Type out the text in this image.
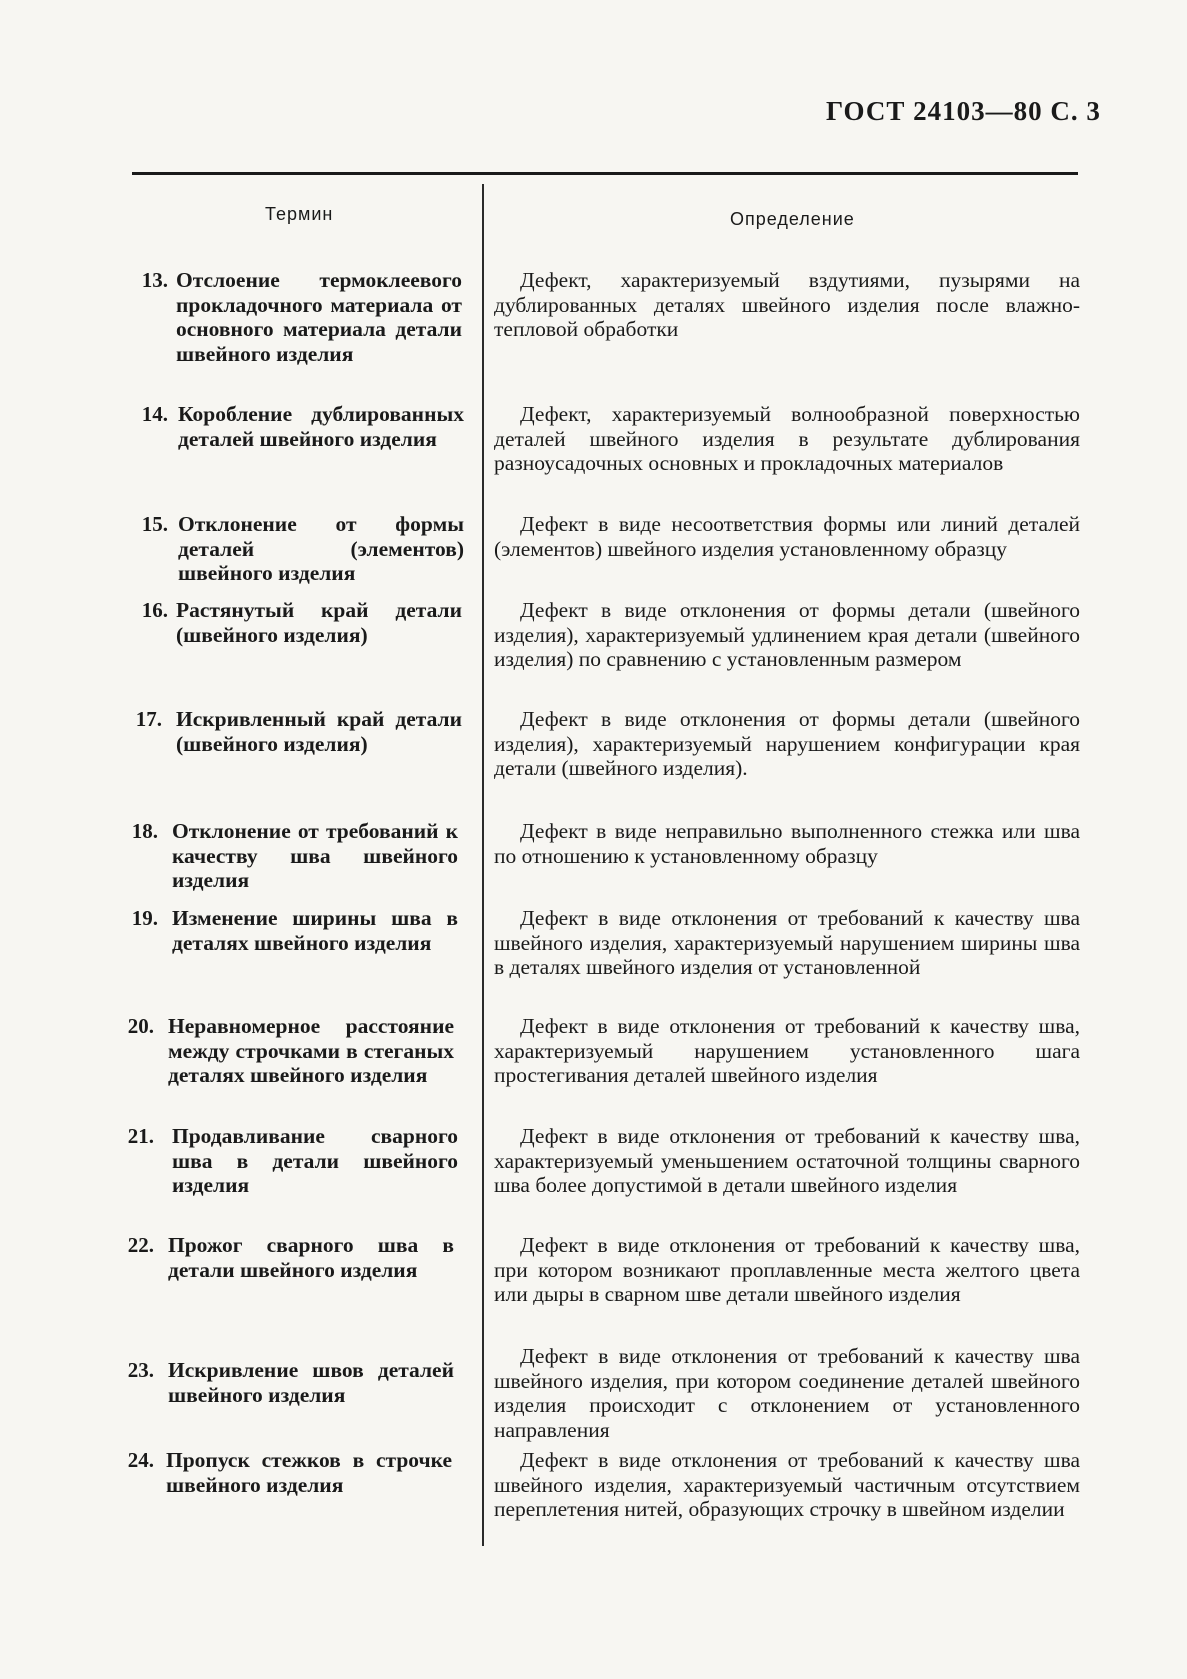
ГОСТ 24103—80 С. 3
Термин	Определение
13. Отслоение термоклеевого прокладочного материала от основного материала детали швейного изделия
Дефект, характеризуемый вздутиями, пузырями на дублированных деталях швейного изделия после влажно-тепловой обработки
14. Коробление дублированных деталей швейного изделия
Дефект, характеризуемый волнообразной поверхностью деталей швейного изделия в результате дублирования разноусадочных основных и прокладочных материалов
15. Отклонение от формы деталей (элементов) швейного изделия
Дефект в виде несоответствия формы или линий деталей (элементов) швейного изделия установленному образцу
16. Растянутый край детали (швейного изделия)
Дефект в виде отклонения от формы детали (швейного изделия), характеризуемый удлинением края детали (швейного изделия) по сравнению с установленным размером
17. Искривленный край детали (швейного изделия)
Дефект в виде отклонения от формы детали (швейного изделия), характеризуемый нарушением конфигурации края детали (швейного изделия).
18. Отклонение от требований к качеству шва швейного изделия
Дефект в виде неправильно выполненного стежка или шва по отношению к установленному образцу
19. Изменение ширины шва в деталях швейного изделия
Дефект в виде отклонения от требований к качеству шва швейного изделия, характеризуемый нарушением ширины шва в деталях швейного изделия от установленной
20. Неравномерное расстояние между строчками в стеганых деталях швейного изделия
Дефект в виде отклонения от требований к качеству шва, характеризуемый нарушением установленного шага простегивания деталей швейного изделия
21. Продавливание сварного шва в детали швейного изделия
Дефект в виде отклонения от требований к качеству шва, характеризуемый уменьшением остаточной толщины сварного шва более допустимой в детали швейного изделия
22. Прожог сварного шва в детали швейного изделия
Дефект в виде отклонения от требований к качеству шва, при котором возникают проплавленные места желтого цвета или дыры в сварном шве детали швейного изделия
23. Искривление швов деталей швейного изделия
Дефект в виде отклонения от требований к качеству шва швейного изделия, при котором соединение деталей швейного изделия происходит с отклонением от установленного направления
24. Пропуск стежков в строчке швейного изделия
Дефект в виде отклонения от требований к качеству шва швейного изделия, характеризуемый частичным отсутствием переплетения нитей, образующих строчку в швейном изделии
